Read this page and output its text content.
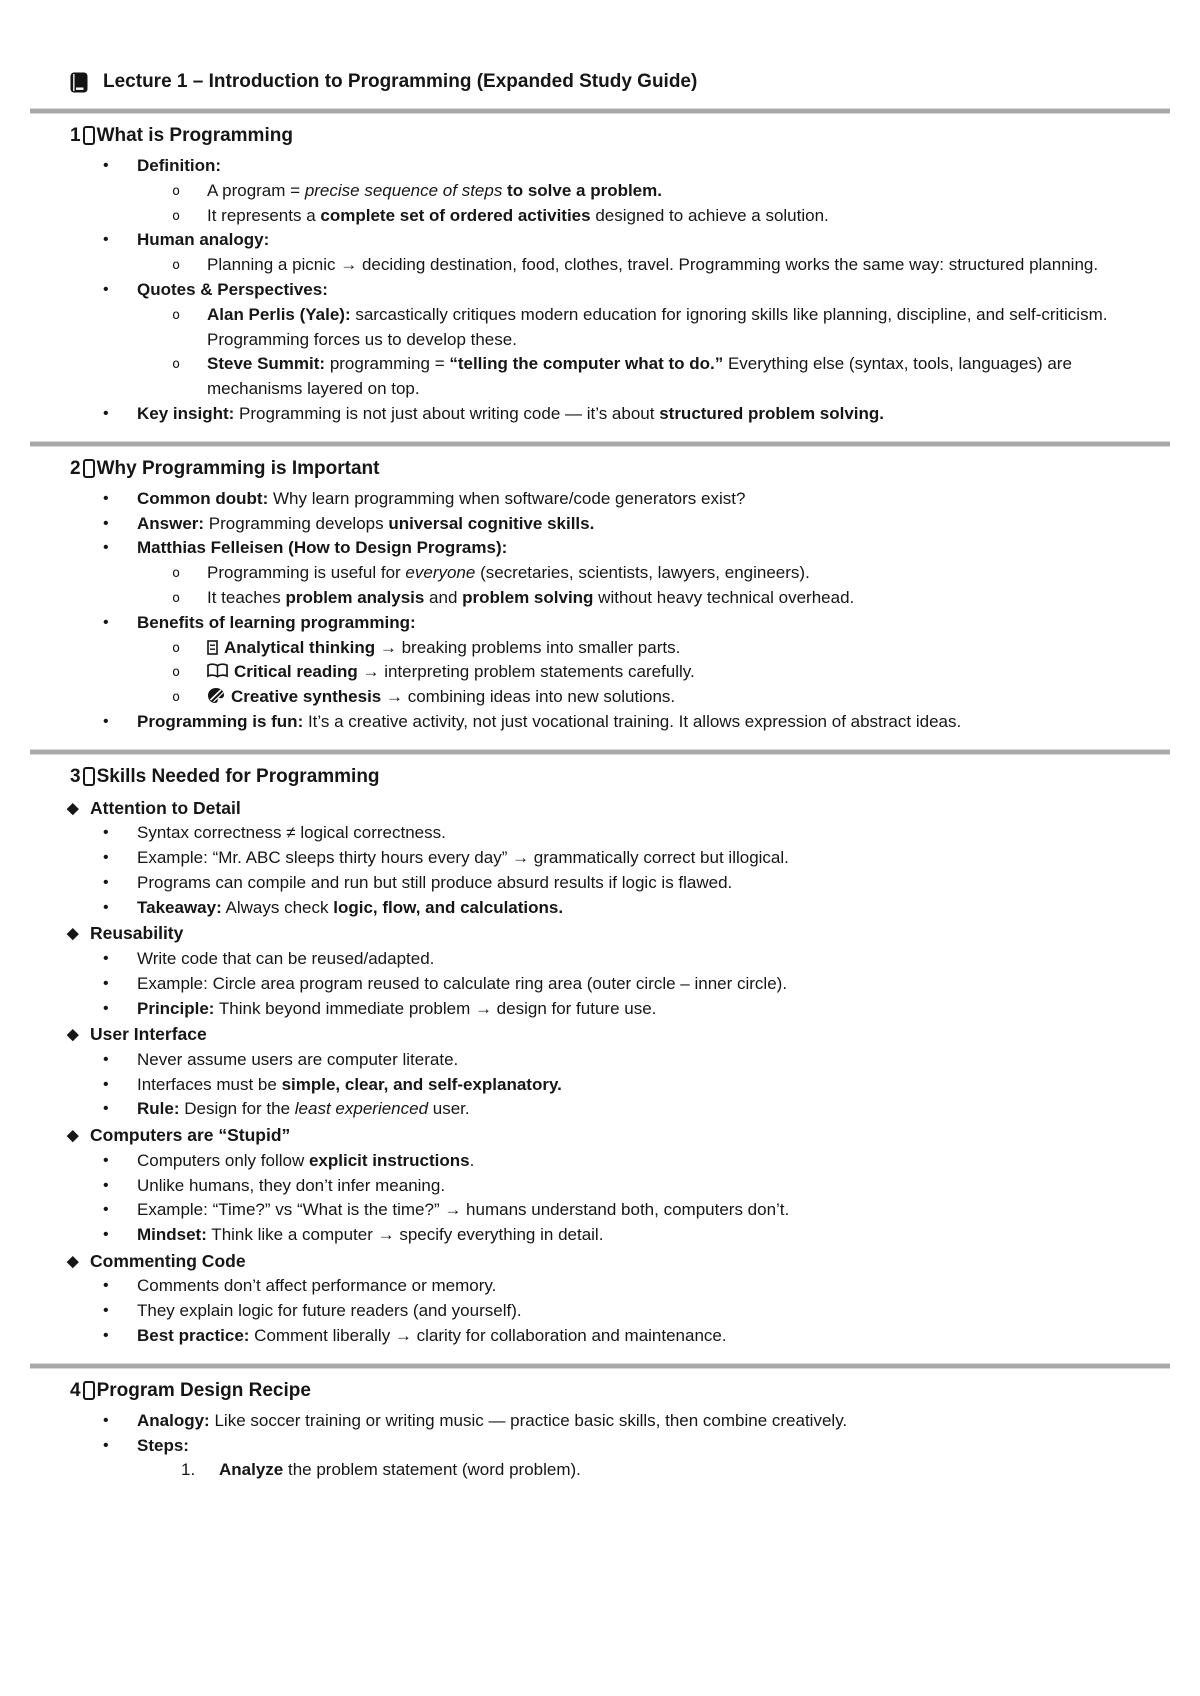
Lecture 1 – Introduction to Programming (Expanded Study Guide)
1 What is Programming
• Definition:
o A program = precise sequence of steps to solve a problem.
o It represents a complete set of ordered activities designed to achieve a solution.
• Human analogy:
o Planning a picnic → deciding destination, food, clothes, travel. Programming works the same way: structured planning.
• Quotes & Perspectives:
o Alan Perlis (Yale): sarcastically critiques modern education for ignoring skills like planning, discipline, and self-criticism. Programming forces us to develop these.
o Steve Summit: programming = “telling the computer what to do.” Everything else (syntax, tools, languages) are mechanisms layered on top.
• Key insight: Programming is not just about writing code — it’s about structured problem solving.
2 Why Programming is Important
• Common doubt: Why learn programming when software/code generators exist?
• Answer: Programming develops universal cognitive skills.
• Matthias Felleisen (How to Design Programs):
o Programming is useful for everyone (secretaries, scientists, lawyers, engineers).
o It teaches problem analysis and problem solving without heavy technical overhead.
• Benefits of learning programming:
o	Analytical thinking → breaking problems into smaller parts.
o	Critical reading → interpreting problem statements carefully.
o	Creative synthesis → combining ideas into new solutions.
• Programming is fun: It’s a creative activity, not just vocational training. It allows expression of abstract ideas.
3 Skills Needed for Programming
◆ Attention to Detail
• Syntax correctness ≠ logical correctness.
• Example: “Mr. ABC sleeps thirty hours every day” → grammatically correct but illogical.
• Programs can compile and run but still produce absurd results if logic is flawed.
• Takeaway: Always check logic, flow, and calculations.
◆ Reusability
• Write code that can be reused/adapted.
• Example: Circle area program reused to calculate ring area (outer circle – inner circle).
• Principle: Think beyond immediate problem → design for future use.
◆ User Interface
• Never assume users are computer literate.
• Interfaces must be simple, clear, and self-explanatory.
• Rule: Design for the least experienced user.
◆ Computers are “Stupid”
• Computers only follow explicit instructions.
• Unlike humans, they don’t infer meaning.
• Example: “Time?” vs “What is the time?” → humans understand both, computers don’t.
• Mindset: Think like a computer → specify everything in detail.
◆ Commenting Code
• Comments don’t affect performance or memory.
• They explain logic for future readers (and yourself).
• Best practice: Comment liberally → clarity for collaboration and maintenance.
4 Program Design Recipe
• Analogy: Like soccer training or writing music — practice basic skills, then combine creatively.
• Steps:
1. Analyze the problem statement (word problem).
